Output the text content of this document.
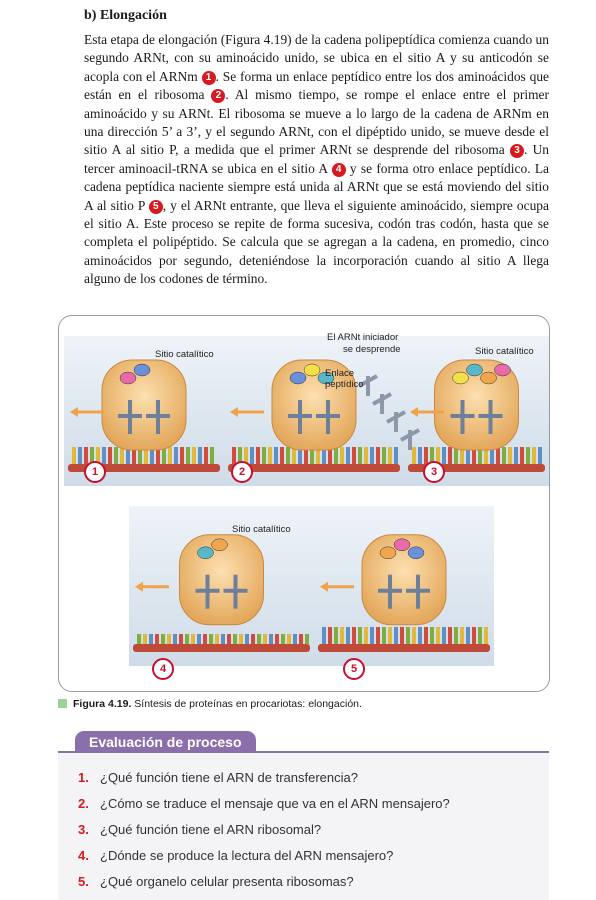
b) Elongación

Esta etapa de elongación (Figura 4.19) de la cadena polipeptídica comienza cuando un segundo ARNt, con su aminoácido unido, se ubica en el sitio A y su anticodón se acopla con el ARNm 1 . Se forma un enlace peptídico entre los dos aminoácidos que están en el ribosoma 2 . Al mismo tiempo, se rompe el enlace entre el primer aminoácido y su ARNt. El ribosoma se mueve a lo largo de la cadena de ARNm en una dirección 5’ a 3’, y el segundo ARNt, con el dipéptido unido, se mueve desde el sitio A al sitio P, a medida que el primer ARNt se desprende del ribosoma 3 . Un tercer aminoacil-tRNA se ubica en el sitio A 4 y se forma otro enlace peptídico. La cadena peptídica naciente siempre está unida al ARNt que se está moviendo del sitio A al sitio P 5 , y el ARNt entrante, que lleva el siguiente aminoácido, siempre ocupa el sitio A. Este proceso se repite de forma sucesiva, codón tras codón, hasta que se completa el polipéptido. Se calcula que se agregan a la cadena, en promedio, cinco aminoácidos por segundo, deteniéndose la incorporación cuando al sitio A llega alguno de los codones de término.

Sitio catalítico
El ARNt iniciador
se desprende	Sitio catalítico
Enlace
peptídico
Sitio catalítico
1	2	3
4	5
Figura 4.19. Síntesis de proteínas en procariotas: elongación.
Evaluación de proceso
1. ¿Qué función tiene el ARN de transferencia?
2. ¿Cómo se traduce el mensaje que va en el ARN mensajero?
3. ¿Qué función tiene el ARN ribosomal?
4. ¿Dónde se produce la lectura del ARN mensajero?
5. ¿Qué organelo celular presenta ribosomas?
